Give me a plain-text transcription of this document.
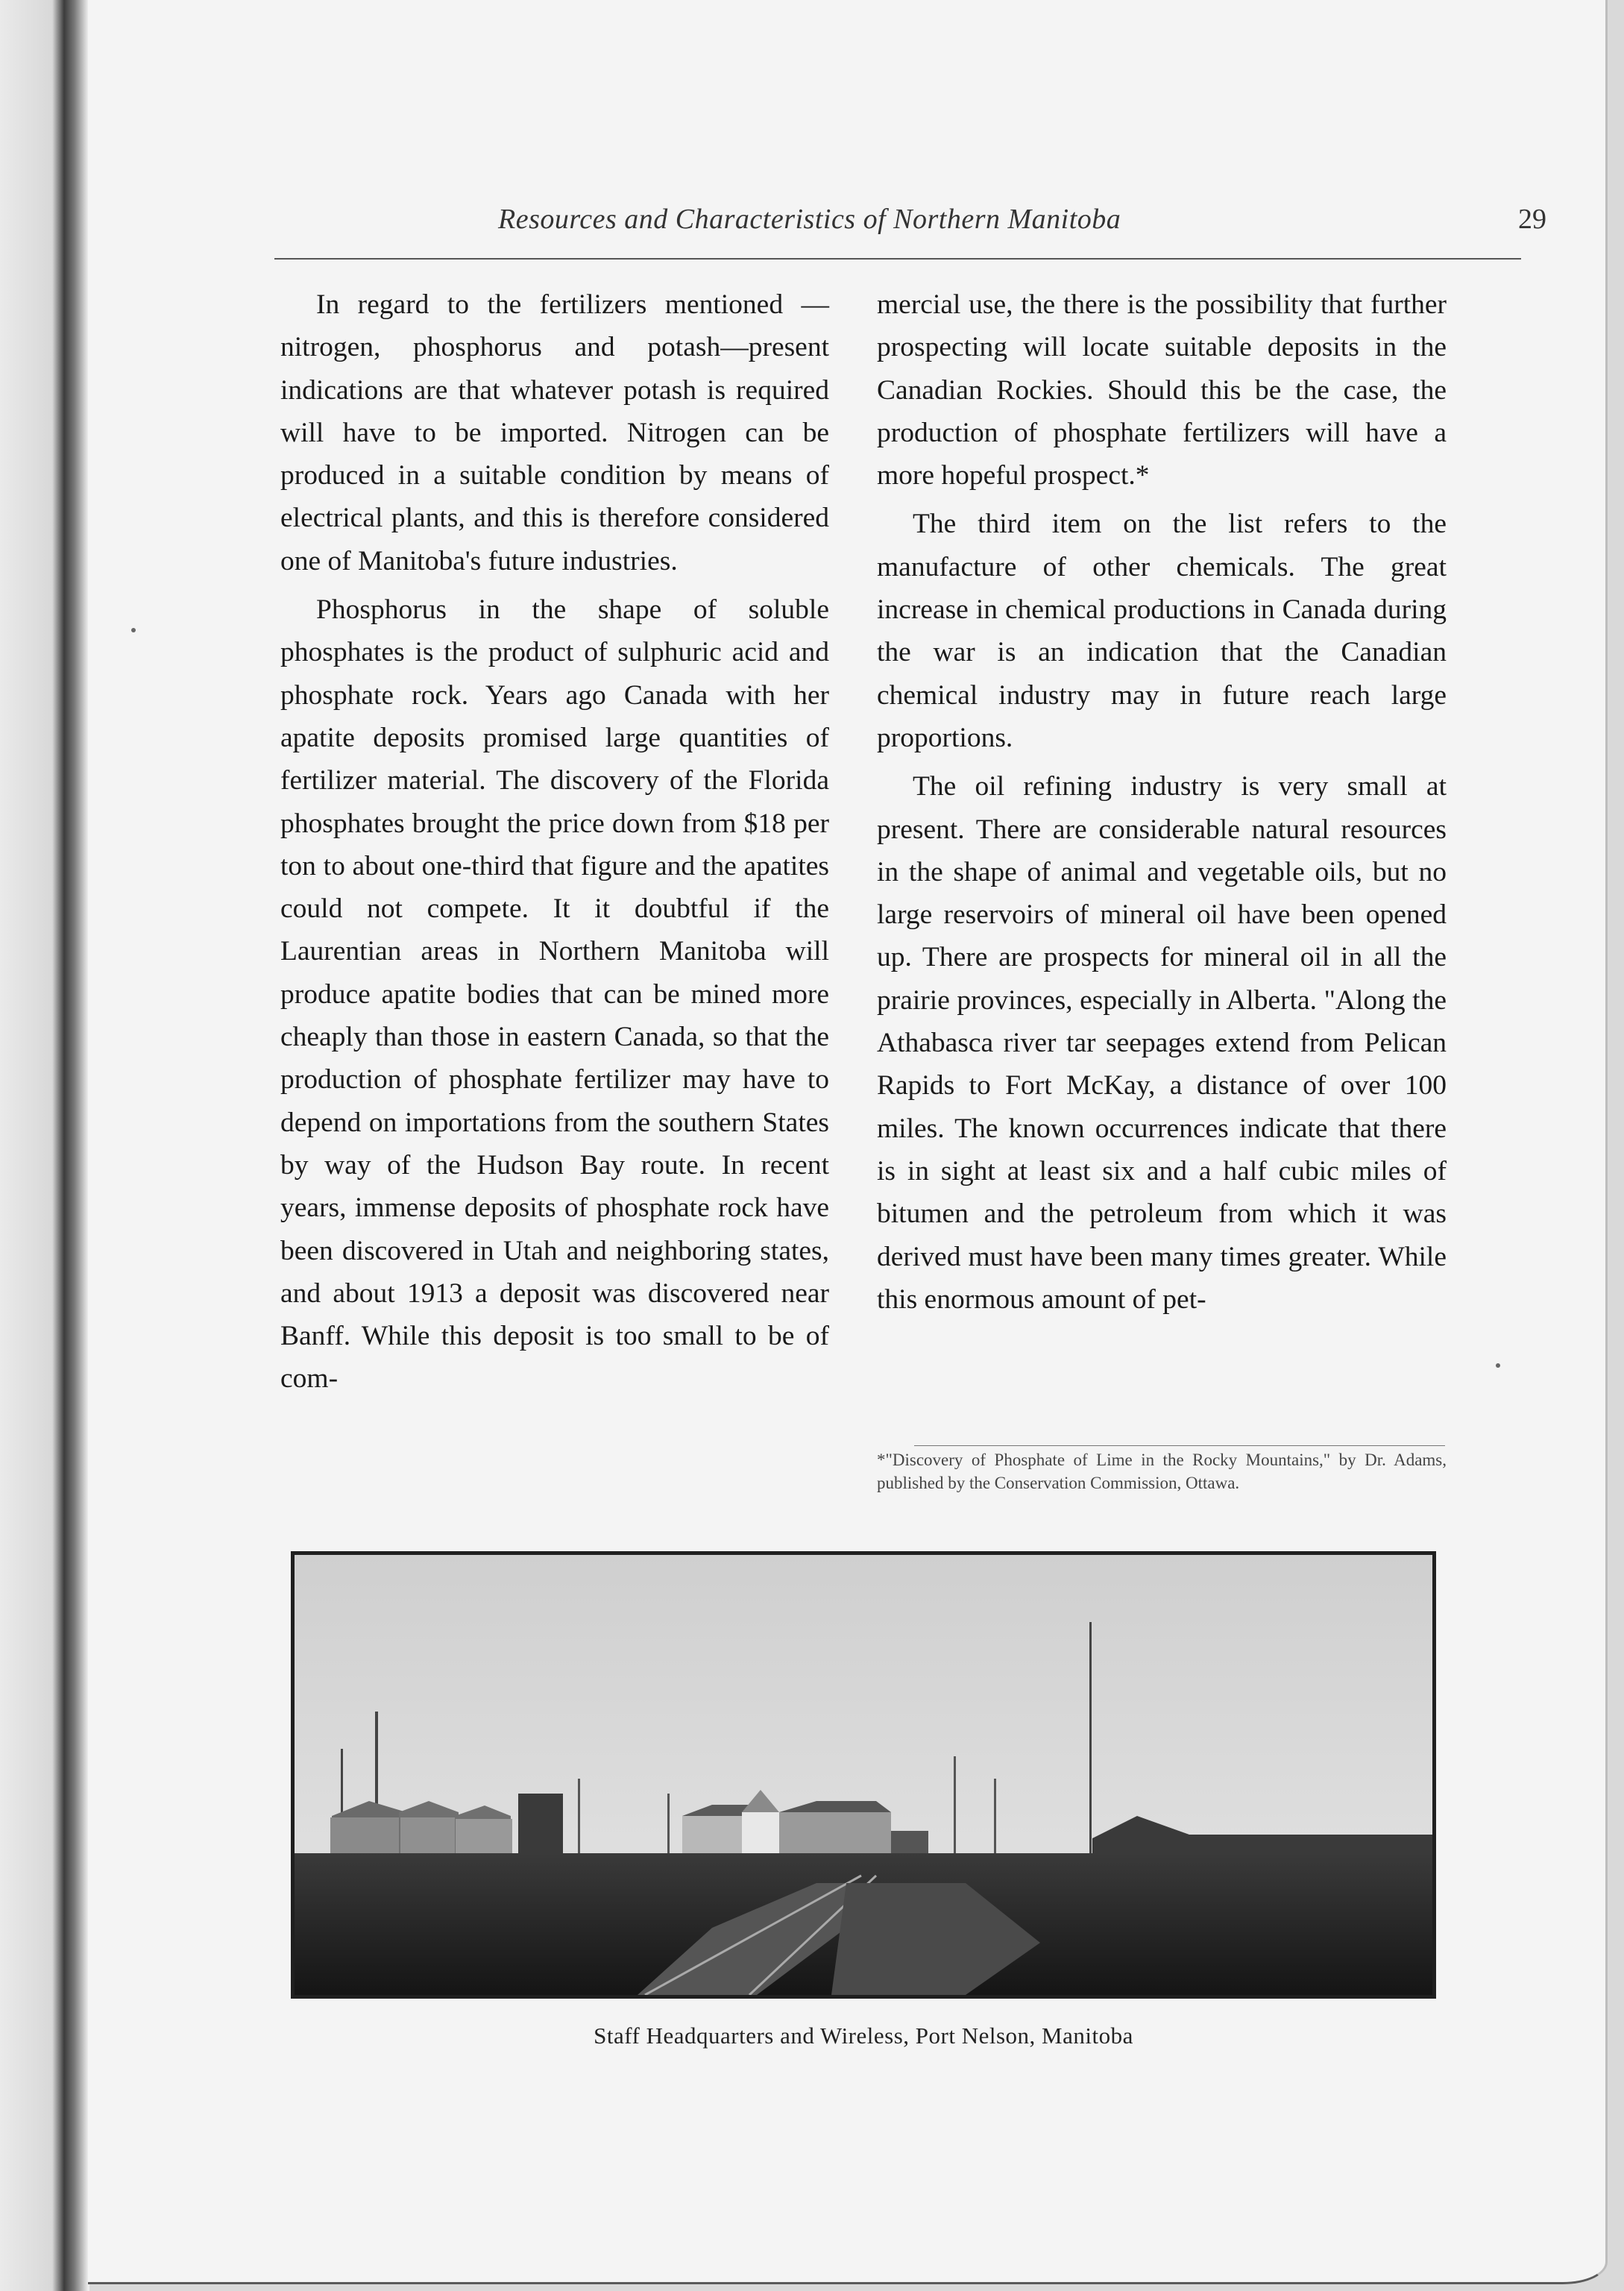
Resources and Characteristics of Northern Manitoba	29

In regard to the fertilizers mentioned —nitrogen, phosphorus and potash—present indications are that whatever potash is required will have to be imported. Nitrogen can be produced in a suitable condition by means of electrical plants, and this is therefore considered one of Manitoba's future industries.

Phosphorus in the shape of soluble phosphates is the product of sulphuric acid and phosphate rock. Years ago Canada with her apatite deposits promised large quantities of fertilizer material. The discovery of the Florida phosphates brought the price down from $18 per ton to about one-third that figure and the apatites could not compete. It it doubtful if the Laurentian areas in Northern Manitoba will produce apatite bodies that can be mined more cheaply than those in eastern Canada, so that the production of phosphate fertilizer may have to depend on importations from the southern States by way of the Hudson Bay route. In recent years, immense deposits of phosphate rock have been discovered in Utah and neighboring states, and about 1913 a deposit was discovered near Banff. While this deposit is too small to be of com-

mercial use, the there is the possibility that further prospecting will locate suitable deposits in the Canadian Rockies. Should this be the case, the production of phosphate fertilizers will have a more hopeful prospect.*

The third item on the list refers to the manufacture of other chemicals. The great increase in chemical productions in Canada during the war is an indication that the Canadian chemical industry may in future reach large proportions.

The oil refining industry is very small at present. There are considerable natural resources in the shape of animal and vegetable oils, but no large reservoirs of mineral oil have been opened up. There are prospects for mineral oil in all the prairie provinces, especially in Alberta. "Along the Athabasca river tar seepages extend from Pelican Rapids to Fort McKay, a distance of over 100 miles. The known occurrences indicate that there is in sight at least six and a half cubic miles of bitumen and the petroleum from which it was derived must have been many times greater. While this enormous amount of pet-

*"Discovery of Phosphate of Lime in the Rocky Mountains," by Dr. Adams, published by the Conservation Commission, Ottawa.
Staff Headquarters and Wireless, Port Nelson, Manitoba
